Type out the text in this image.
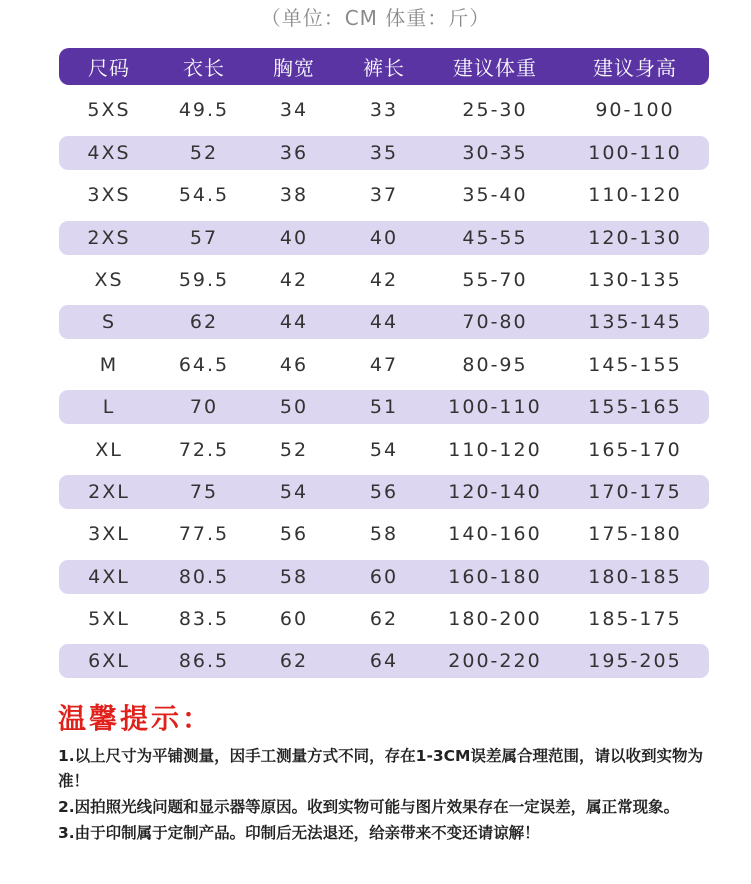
（单位：CM 体重：斤）
尺码	衣长	胸宽	裤长	建议体重	建议身高
5XS	49.5	34	33	25-30	90-100
4XS	52	36	35	30-35	100-110
3XS	54.5	38	37	35-40	110-120
2XS	57	40	40	45-55	120-130
XS	59.5	42	42	55-70	130-135
S	62	44	44	70-80	135-145
M	64.5	46	47	80-95	145-155
L	70	50	51	100-110	155-165
XL	72.5	52	54	110-120	165-170
2XL	75	54	56	120-140	170-175
3XL	77.5	56	58	140-160	175-180
4XL	80.5	58	60	160-180	180-185
5XL	83.5	60	62	180-200	185-175
6XL	86.5	62	64	200-220	195-205
温馨提示：
1.以上尺寸为平铺测量，因手工测量方式不同，存在1-3CM误差属合理范围，请以收到实物为准！
2.因拍照光线问题和显示器等原因。收到实物可能与图片效果存在一定误差，属正常现象。
3.由于印制属于定制产品。印制后无法退还，给亲带来不变还请谅解！
